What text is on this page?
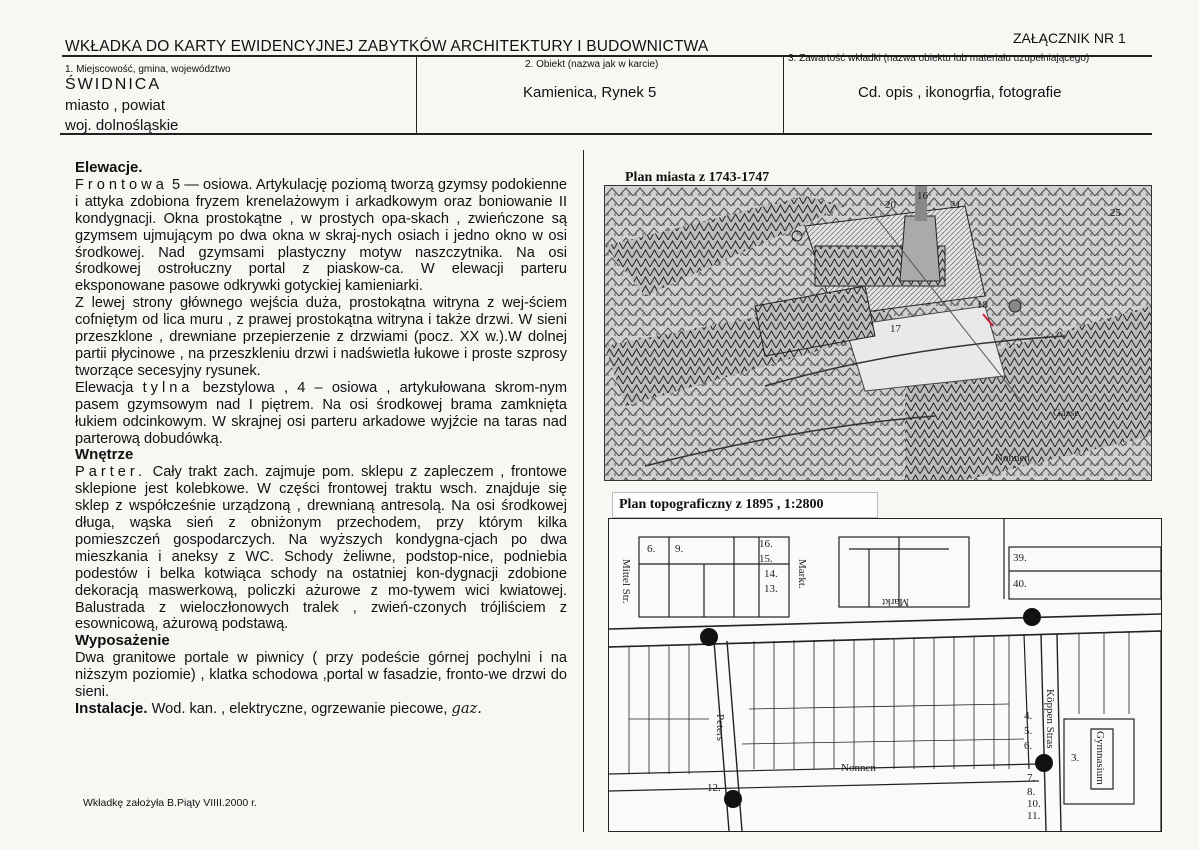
WKŁADKA DO KARTY EWIDENCYJNEJ ZABYTKÓW ARCHITEKTURY I BUDOWNICTWA	ZAŁĄCZNIK NR 1
1. Miejscowość, gmina, województwo
ŚWIDNICA
miasto , powiat
woj. dolnośląskie
2. Obiekt (nazwa jak w karcie)
Kamienica, Rynek 5
3. Zawartość wkładki (nazwa obiektu lub materiału uzupełniającego)
Cd. opis , ikonogrfia, fotografie

Elewacje.

Frontowa 5 — osiowa. Artykulację poziomą tworzą gzymsy podokienne i attyka zdobiona fryzem krenelażowym i arkadkowym oraz boniowanie II kondygnacji. Okna prostokątne , w prostych opa-skach , zwieńczone są gzymsem ujmującym po dwa okna w skraj-nych osiach i jedno okno w osi środkowej. Nad gzymsami plastyczny motyw naszczytnika. Na osi środkowej ostrołuczny portal z piaskow-ca. W elewacji parteru eksponowane pasowe odkrywki gotyckiej kamieniarki.

Z lewej strony głównego wejścia duża, prostokątna witryna z wej-ściem cofniętym od lica muru , z prawej prostokątna witryna i także drzwi. W sieni przeszklone , drewniane przepierzenie z drzwiami (pocz. XX w.).W dolnej partii płycinowe , na przeszkleniu drzwi i nadświetla łukowe i proste szprosy tworzące secesyjny rysunek.

Elewacja tylna bezstylowa , 4 – osiowa , artykułowana skrom-nym pasem gzymsowym nad I piętrem. Na osi środkowej brama zamknięta łukiem odcinkowym. W skrajnej osi parteru arkadowe wyjźcie na taras nad parterową dobudówką.

Wnętrze

Parter. Cały trakt zach. zajmuje pom. sklepu z zapleczem , frontowe sklepione jest kolebkowe. W części frontowej traktu wsch. znajduje się sklep z współcześnie urządzoną , drewnianą antresolą. Na osi środkowej długa, wąska sień z obniżonym przechodem, przy którym kilka pomieszczeń gospodarczych. Na wyższych kondygna-cjach po dwa mieszkania i aneksy z WC. Schody żeliwne, podstop-nice, podniebia podestów i belka kotwiąca schody na ostatniej kon-dygnacji zdobione dekoracją maswerkową, policzki ażurowe z mo-tywem wici kwiatowej. Balustrada z wieloczłonowych tralek , zwień-czonych trójliściem z esownicową, ażurową podstawą.

Wyposażenie

Dwa granitowe portale w piwnicy ( przy podeście górnej pochylni i na niższym poziomie) , klatka schodowa ,portal w fasadzie, fronto-we drzwi do sieni.

Instalacje. Wod. kan. , elektryczne, ogrzewanie piecowe, gaz.

Wkładkę założyła B.Piąty VIIII.2000 r.
Plan miasta z 1743-1747
16
17
18
20	21
25
Gasse
Nonnen
Plan topograficzny z 1895 , 1:2800
6. 9.	16.
15.
14.
13.
39.
40.
Markt.
Mittel Str.
Peters
Nonnen
Köppen Stras
Gymnasium
Markt
3.
4.
5.
6.
7.
8.
10.
11.
12.
